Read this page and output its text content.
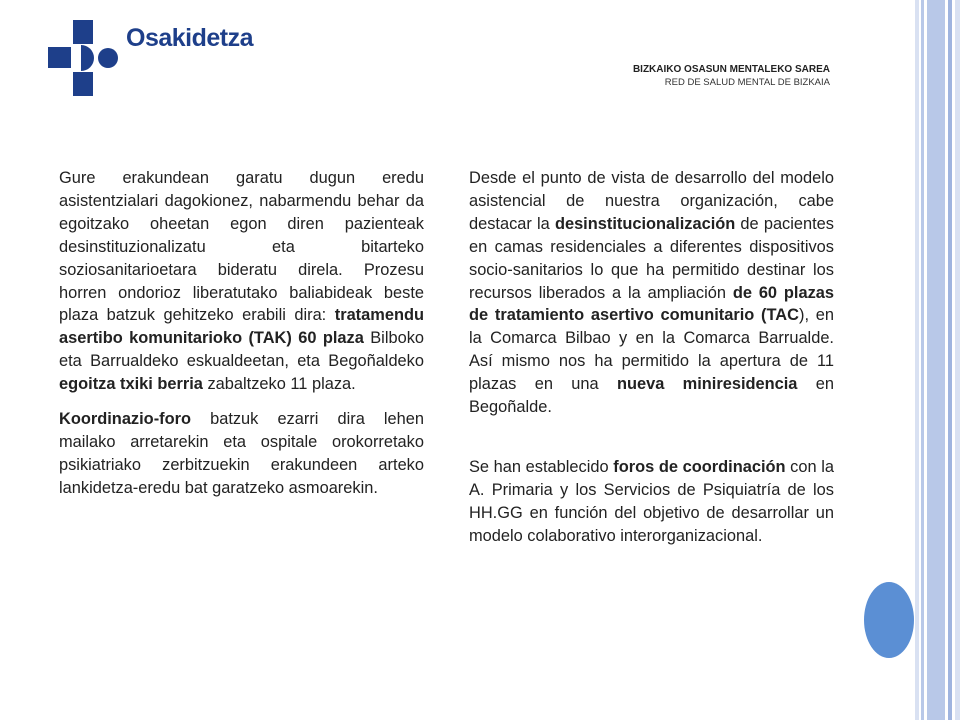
Osakidetza
BIZKAIKO OSASUN MENTALEKO SAREA
RED DE SALUD MENTAL DE BIZKAIA

Gure erakundean garatu dugun eredu asistentzialari dagokionez, nabarmendu behar da egoitzako oheetan egon diren pazienteak desinstituzionalizatu eta bitarteko soziosanitarioetara bideratu direla. Prozesu horren ondorioz liberatutako baliabideak beste plaza batzuk gehitzeko erabili dira: tratamendu asertibo komunitarioko (TAK) 60 plaza Bilboko eta Barrualdeko eskualdeetan, eta Begoñaldeko egoitza txiki berria zabaltzeko 11 plaza.

Koordinazio-foro batzuk ezarri dira lehen mailako arretarekin eta ospitale orokorretako psikiatriako zerbitzuekin erakundeen arteko lankidetza-eredu bat garatzeko asmoarekin.

Desde el punto de vista de desarrollo del modelo asistencial de nuestra organización, cabe destacar la desinstitucionalización de pacientes en camas residenciales a diferentes dispositivos socio-sanitarios lo que ha permitido destinar los recursos liberados a la ampliación de 60 plazas de tratamiento asertivo comunitario (TAC), en la Comarca Bilbao y en la Comarca Barrualde. Así mismo nos ha permitido la apertura de 11 plazas en una nueva miniresidencia en Begoñalde.

Se han establecido foros de coordinación con la A. Primaria y los Servicios de Psiquiatría de los HH.GG en función del objetivo de desarrollar un modelo colaborativo interorganizacional.
